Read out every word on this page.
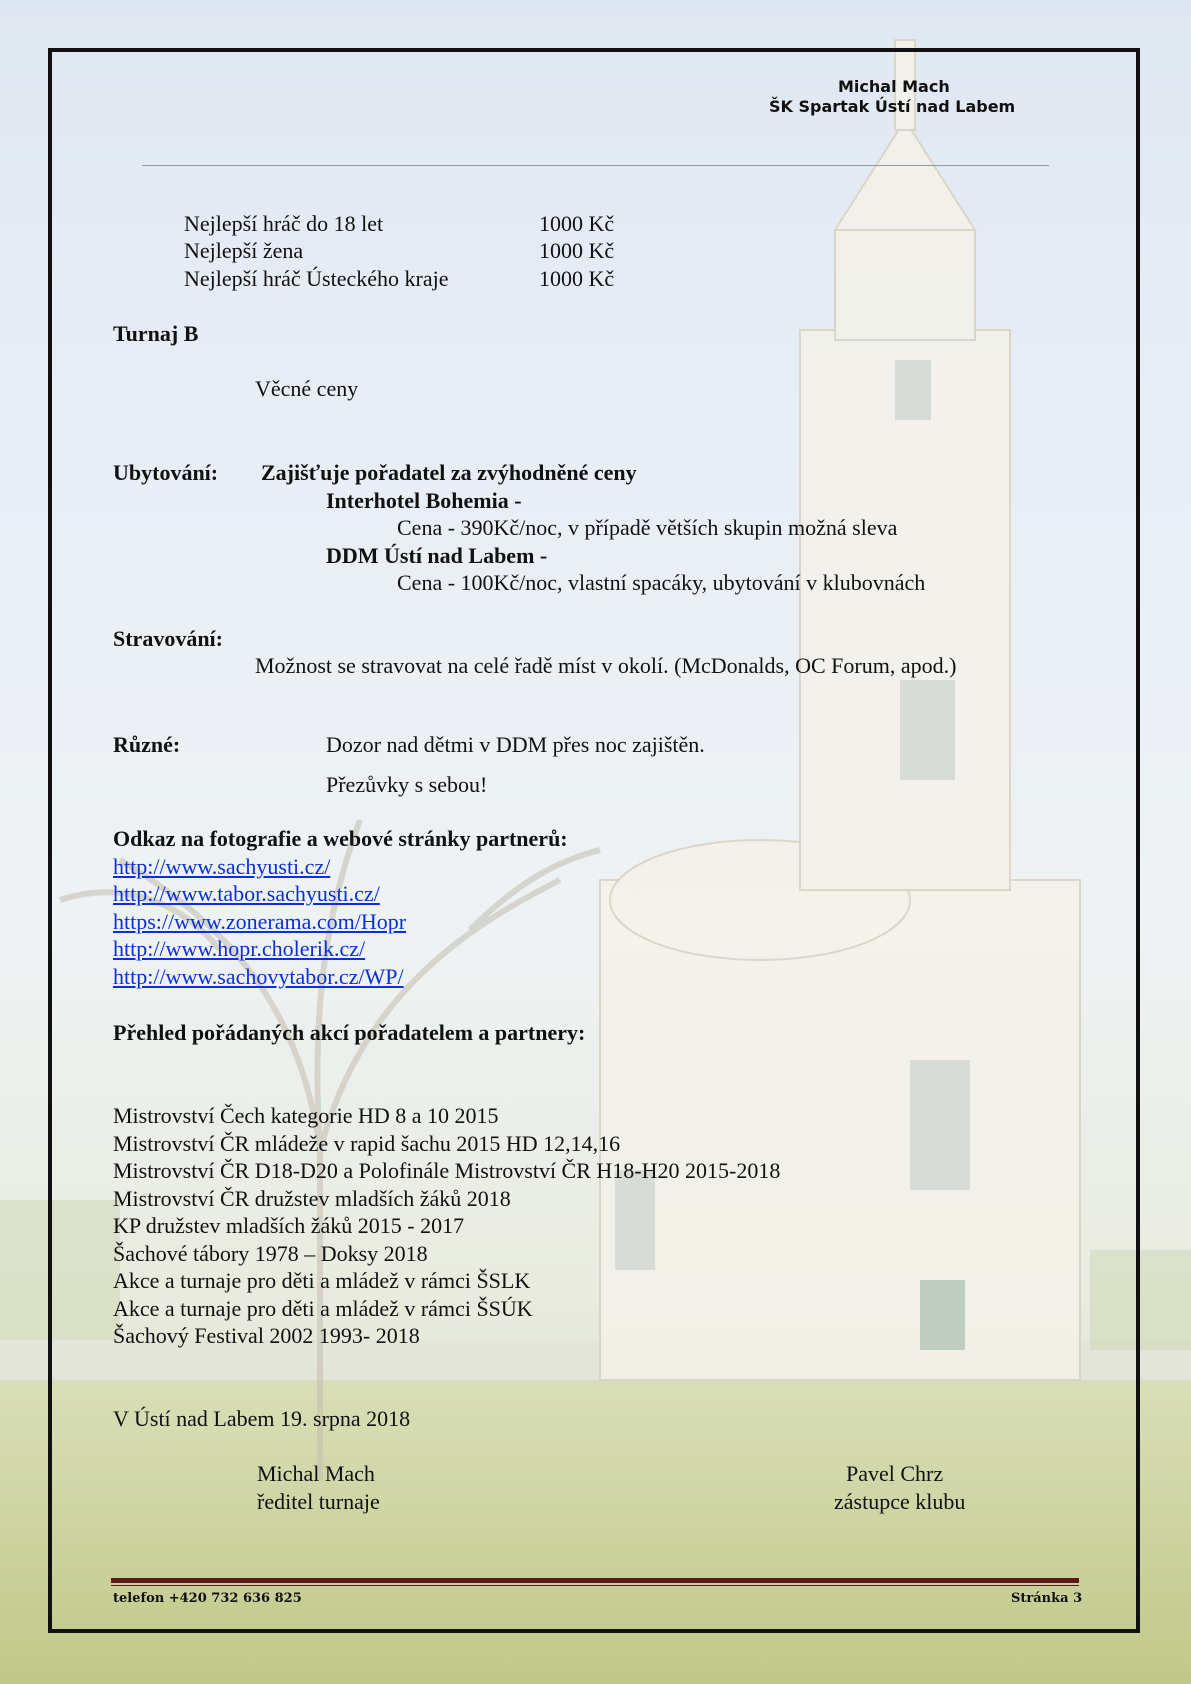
Michal Mach
ŠK Spartak Ústí nad Labem
Nejlepší hráč do 18 let	1000 Kč
Nejlepší žena	1000 Kč
Nejlepší hráč Ústeckého kraje	1000 Kč
Turnaj B
Věcné ceny
Ubytování: Zajišťuje pořadatel za zvýhodněné ceny
Interhotel Bohemia -
Cena - 390Kč/noc, v případě větších skupin možná sleva
DDM Ústí nad Labem -
Cena - 100Kč/noc, vlastní spacáky, ubytování v klubovnách
Stravování:
Možnost se stravovat na celé řadě míst v okolí. (McDonalds, OC Forum, apod.)
Různé:	Dozor nad dětmi v DDM přes noc zajištěn.
Přezůvky s sebou!
Odkaz na fotografie a webové stránky partnerů:
http://www.sachyusti.cz/
http://www.tabor.sachyusti.cz/
https://www.zonerama.com/Hopr
http://www.hopr.cholerik.cz/
http://www.sachovytabor.cz/WP/
Přehled pořádaných akcí pořadatelem a partnery:
Mistrovství Čech kategorie HD 8 a 10 2015
Mistrovství ČR mládeže v rapid šachu 2015 HD 12,14,16
Mistrovství ČR D18-D20 a Polofinále Mistrovství ČR H18-H20 2015-2018
Mistrovství ČR družstev mladších žáků 2018
KP družstev mladších žáků 2015 - 2017
Šachové tábory 1978 – Doksy 2018
Akce a turnaje pro děti a mládež v rámci ŠSLK
Akce a turnaje pro děti a mládež v rámci ŠSÚK
Šachový Festival 2002 1993- 2018
V Ústí nad Labem 19. srpna 2018
Michal Mach
ředitel turnaje
Pavel Chrz
zástupce klubu
telefon +420 732 636 825	Stránka 3
